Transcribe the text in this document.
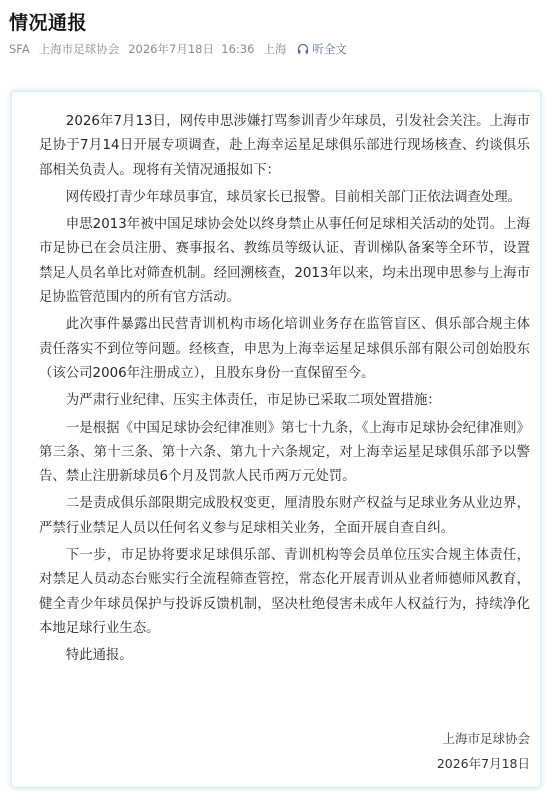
情况通报
SFA 上海市足球协会 2026年7月18日  16:36 上海 听全文

2026年7月13日，网传申思涉嫌打骂参训青少年球员，引发社会关注。上海市足协于7月14日开展专项调查，赴上海幸运星足球俱乐部进行现场核查、约谈俱乐部相关负责人。现将有关情况通报如下：

网传殴打青少年球员事宜，球员家长已报警。目前相关部门正依法调查处理。

申思2013年被中国足球协会处以终身禁止从事任何足球相关活动的处罚。上海市足协已在会员注册、赛事报名、教练员等级认证、青训梯队备案等全环节，设置禁足人员名单比对筛查机制。经回溯核查，2013年以来，均未出现申思参与上海市足协监管范围内的所有官方活动。

此次事件暴露出民营青训机构市场化培训业务存在监管盲区、俱乐部合规主体责任落实不到位等问题。经核查，申思为上海幸运星足球俱乐部有限公司创始股东（该公司2006年注册成立），且股东身份一直保留至今。

为严肃行业纪律、压实主体责任，市足协已采取二项处置措施：

一是根据《中国足球协会纪律准则》第七十九条，《上海市足球协会纪律准则》第三条、第十三条、第十六条、第九十六条规定，对上海幸运星足球俱乐部予以警告、禁止注册新球员6个月及罚款人民币两万元处罚。

二是责成俱乐部限期完成股权变更，厘清股东财产权益与足球业务从业边界，严禁行业禁足人员以任何名义参与足球相关业务，全面开展自查自纠。

下一步，市足协将要求足球俱乐部、青训机构等会员单位压实合规主体责任，对禁足人员动态台账实行全流程筛查管控，常态化开展青训从业者师德师风教育，健全青少年球员保护与投诉反馈机制，坚决杜绝侵害未成年人权益行为，持续净化本地足球行业生态。

特此通报。

上海市足球协会
2026年7月18日
